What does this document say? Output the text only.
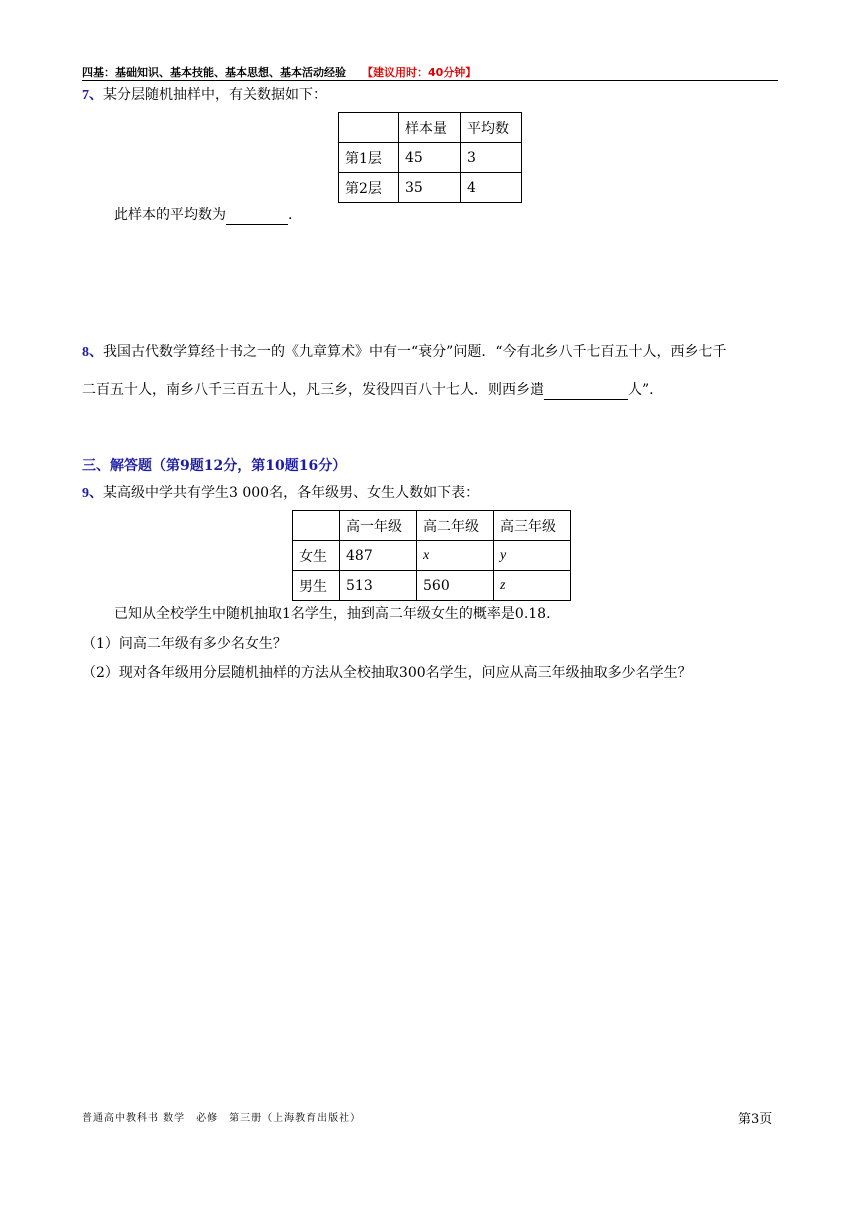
四基：基础知识、基本技能、基本思想、基本活动经验 【建议用时：40分钟】
7、某分层随机抽样中，有关数据如下：
	样本量	平均数
第1层	45	3
第2层	35	4
此样本的平均数为	.
8、我国古代数学算经十书之一的《九章算术》中有一“衰分”问题．“今有北乡八千七百五十人，西乡七千
二百五十人，南乡八千三百五十人，凡三乡，发役四百八十七人．则西乡遣	人”.
三、解答题（第9题12分，第10题16分）
9、某高级中学共有学生3 000名，各年级男、女生人数如下表：
	高一年级	高二年级	高三年级
女生	487	x	y
男生	513	560	z
已知从全校学生中随机抽取1名学生，抽到高二年级女生的概率是0.18.
（1）问高二年级有多少名女生？
（2）现对各年级用分层随机抽样的方法从全校抽取300名学生，问应从高三年级抽取多少名学生？
普通高中教科书 数学　必修　第三册（上海教育出版社）	第3页
